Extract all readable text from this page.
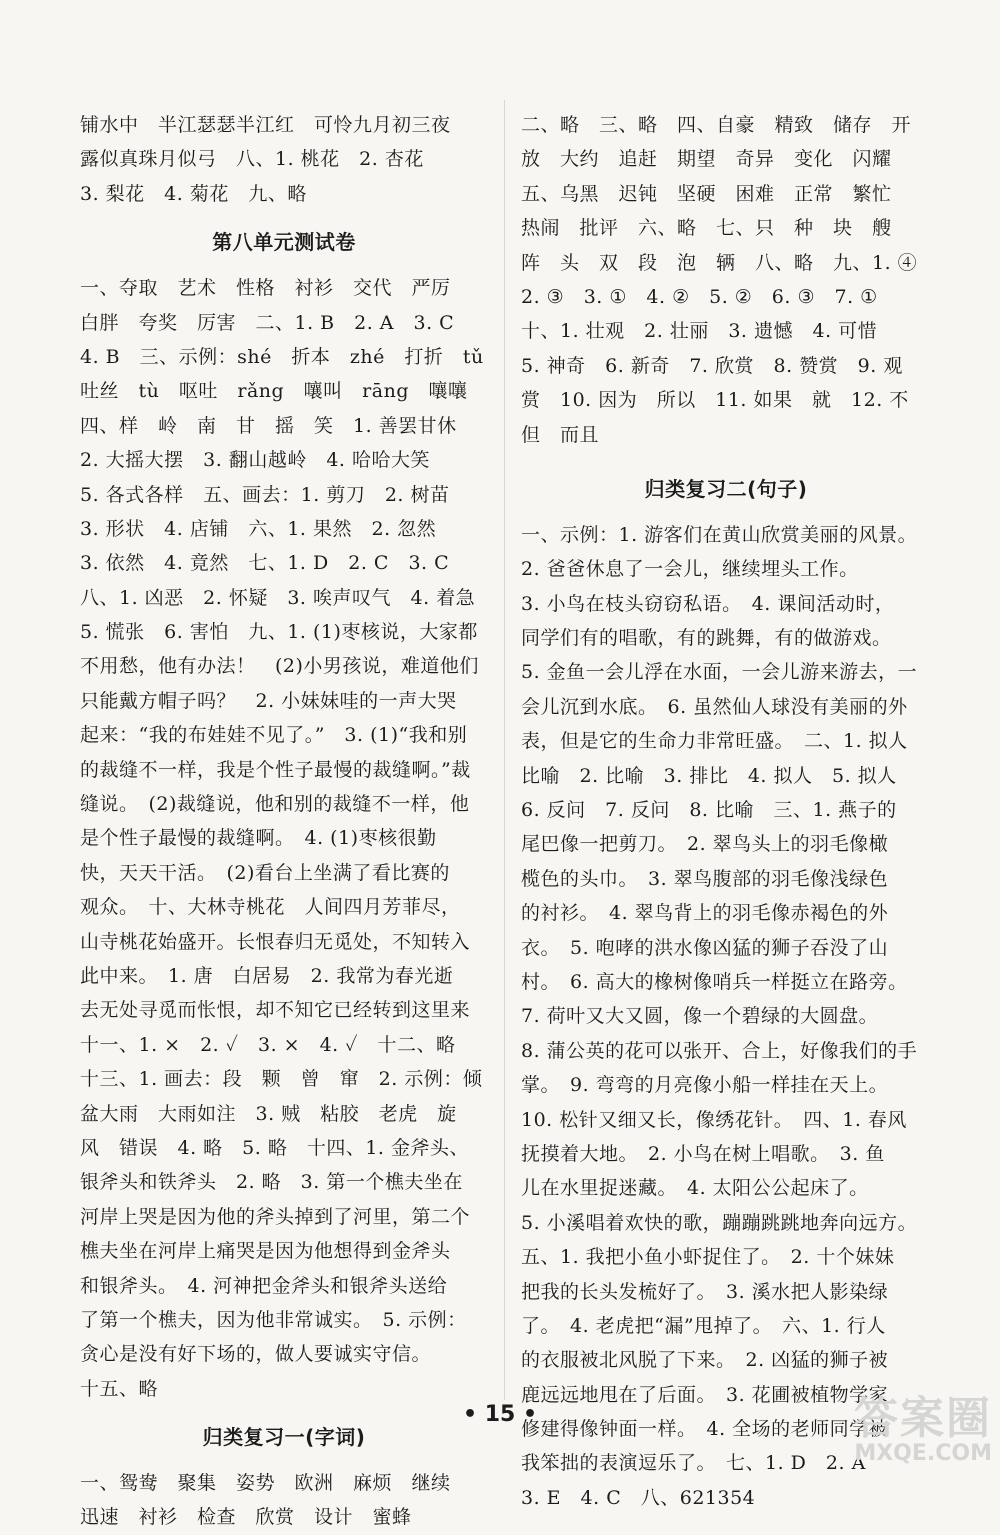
铺水中　半江瑟瑟半江红　可怜九月初三夜
露似真珠月似弓　八、1. 桃花　2. 杏花
3. 梨花　4. 菊花　九、略
第八单元测试卷
一、夺取　艺术　性格　衬衫　交代　严厉
白胖　夸奖　厉害　二、1. B　2. A　3. C
4. B　三、示例：shé　折本　zhé　打折　tǔ
吐丝　tù　呕吐　rǎng　嚷叫　rāng　嚷嚷
四、样　岭　南　甘　摇　笑　1. 善罢甘休
2. 大摇大摆　3. 翻山越岭　4. 哈哈大笑
5. 各式各样　五、画去：1. 剪刀　2. 树苗
3. 形状　4. 店铺　六、1. 果然　2. 忽然
3. 依然　4. 竟然　七、1. D　2. C　3. C
八、1. 凶恶　2. 怀疑　3. 唉声叹气　4. 着急
5. 慌张　6. 害怕　九、1. (1)枣核说，大家都
不用愁，他有办法！　(2)小男孩说，难道他们
只能戴方帽子吗？　2. 小妹妹哇的一声大哭
起来：“我的布娃娃不见了。”　3. (1)“我和别
的裁缝不一样，我是个性子最慢的裁缝啊。”裁
缝说。　(2)裁缝说，他和别的裁缝不一样，他
是个性子最慢的裁缝啊。　4. (1)枣核很勤
快，天天干活。　(2)看台上坐满了看比赛的
观众。　十、大林寺桃花　人间四月芳菲尽，
山寺桃花始盛开。长恨春归无觅处，不知转入
此中来。　1. 唐　白居易　2. 我常为春光逝
去无处寻觅而怅恨，却不知它已经转到这里来
十一、1. ×　2. ✓　3. ×　4. ✓　十二、略
十三、1. 画去：段　颗　曾　窜　2. 示例：倾
盆大雨　大雨如注　3. 贼　粘胶　老虎　旋
风　错误　4. 略　5. 略　十四、1. 金斧头、
银斧头和铁斧头　2. 略　3. 第一个樵夫坐在
河岸上哭是因为他的斧头掉到了河里，第二个
樵夫坐在河岸上痛哭是因为他想得到金斧头
和银斧头。　4. 河神把金斧头和银斧头送给
了第一个樵夫，因为他非常诚实。　5. 示例：
贪心是没有好下场的，做人要诚实守信。
十五、略
归类复习一(字词)
一、鸳鸯　聚集　姿势　欧洲　麻烦　继续
迅速　衬衫　检查　欣赏　设计　蜜蜂
二、略　三、略　四、自豪　精致　储存　开
放　大约　追赶　期望　奇异　变化　闪耀
五、乌黑　迟钝　坚硬　困难　正常　繁忙
热闹　批评　六、略　七、只　种　块　艘
阵　头　双　段　泡　辆　八、略　九、1. ④
2. ③　3. ①　4. ②　5. ②　6. ③　7. ①
十、1. 壮观　2. 壮丽　3. 遗憾　4. 可惜
5. 神奇　6. 新奇　7. 欣赏　8. 赞赏　9. 观
赏　10. 因为　所以　11. 如果　就　12. 不
但　而且
归类复习二(句子)
一、示例：1. 游客们在黄山欣赏美丽的风景。
2. 爸爸休息了一会儿，继续埋头工作。
3. 小鸟在枝头窃窃私语。　4. 课间活动时，
同学们有的唱歌，有的跳舞，有的做游戏。
5. 金鱼一会儿浮在水面，一会儿游来游去，一
会儿沉到水底。　6. 虽然仙人球没有美丽的外
表，但是它的生命力非常旺盛。　二、1. 拟人
比喻　2. 比喻　3. 排比　4. 拟人　5. 拟人
6. 反问　7. 反问　8. 比喻　三、1. 燕子的
尾巴像一把剪刀。　2. 翠鸟头上的羽毛像橄
榄色的头巾。　3. 翠鸟腹部的羽毛像浅绿色
的衬衫。　4. 翠鸟背上的羽毛像赤褐色的外
衣。　5. 咆哮的洪水像凶猛的狮子吞没了山
村。　6. 高大的橡树像哨兵一样挺立在路旁。
7. 荷叶又大又圆，像一个碧绿的大圆盘。
8. 蒲公英的花可以张开、合上，好像我们的手
掌。　9. 弯弯的月亮像小船一样挂在天上。
10. 松针又细又长，像绣花针。　四、1. 春风
抚摸着大地。　2. 小鸟在树上唱歌。　3. 鱼
儿在水里捉迷藏。　4. 太阳公公起床了。
5. 小溪唱着欢快的歌，蹦蹦跳跳地奔向远方。
五、1. 我把小鱼小虾捉住了。　2. 十个妹妹
把我的长头发梳好了。　3. 溪水把人影染绿
了。　4. 老虎把“漏”甩掉了。　六、1. 行人
的衣服被北风脱了下来。　2. 凶猛的狮子被
鹿远远地甩在了后面。　3. 花圃被植物学家
修建得像钟面一样。　4. 全场的老师同学被
我笨拙的表演逗乐了。　七、1. D　2. A
3. E　4. C　八、621354
• 15 •	答案圈
MXQE.COM
